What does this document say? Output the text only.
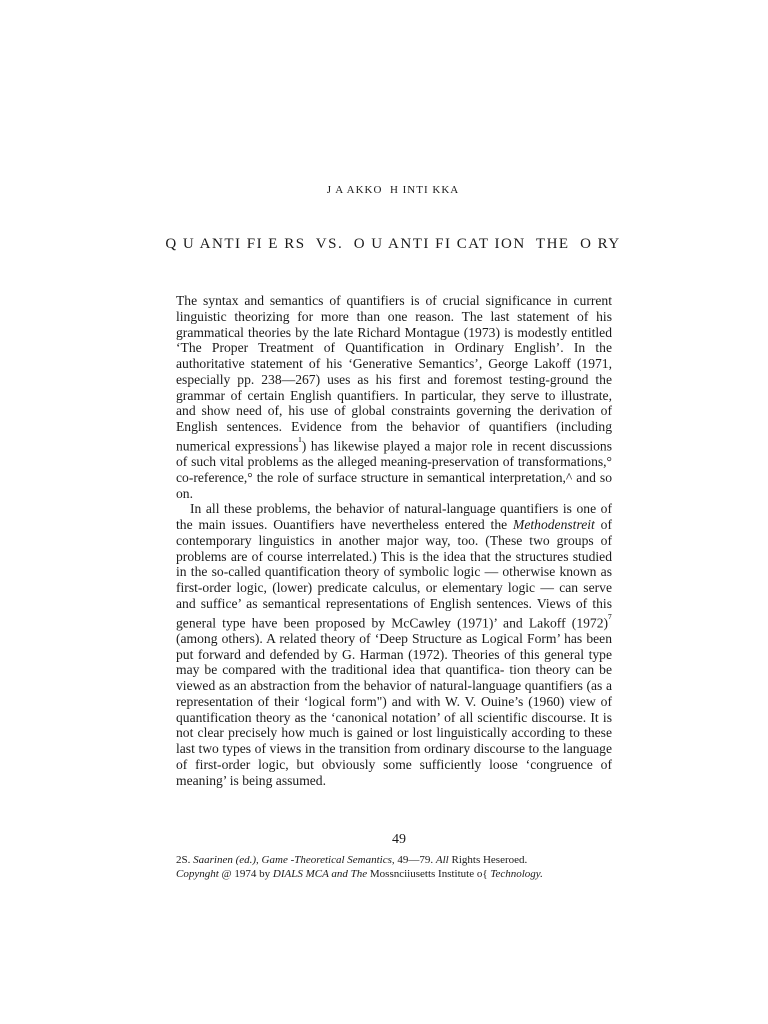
J A AKKO  H INTI KKA
Q U ANTI FI E RS  VS.  O U ANTI FI CAT ION  THE  O RY

The syntax and semantics of quantifiers is of crucial significance in current linguistic theorizing for more than one reason. The last statement of his grammatical theories by the late Richard Montague (1973) is modestly entitled ‘The Proper Treatment of Quantification in Ordinary English’. In the authoritative statement of his ‘Generative Semantics’, George Lakoff (1971, especially pp. 238—267) uses as his first and foremost testing-ground the grammar of certain English quantifiers. In particular, they serve to illustrate, and show need of, his use of global constraints governing the derivation of English sentences. Evidence from the behavior of quantifiers (including numerical expressions$^{^1}$) has likewise played a major role in recent discussions of such vital problems as the alleged meaning-preservation of transformations,° co-reference,° the role of surface structure in semantical interpretation,^ and so on.

In all these problems, the behavior of natural-language quantifiers is one of the main issues. Ouantifiers have nevertheless entered the Methodenstreit of contemporary linguistics in another major way, too. (These two groups of problems are of course interrelated.) This is the idea that the structures studied in the so-called quantification theory of symbolic logic — otherwise known as first-order logic, (lower) predicate calculus, or elementary logic — can serve and suffice’ as semantical representations of English sentences. Views of this general type have been proposed by McCawley (1971)’ and Lakoff $(1972)^{^7}$ (among others). A related theory of ‘Deep Structure as Logical Form’ has been put forward and defended by G. Harman (1972). Theories of this general type may be compared with the traditional idea that quantifica- tion theory can be viewed as an abstraction from the behavior of natural-language quantifiers (as a representation of their ‘logical form") and with W. V. Ouine’s (1960) view of quantification theory as the ‘canonical notation’ of all scientific discourse. It is not clear precisely how much is gained or lost linguistically according to these last two types of views in the transition from ordinary discourse to the language of first-order logic, but obviously some sufficiently loose ‘congruence of meaning’ is being assumed.

49
2S. Saarinen (ed.), Game -Theoretical Semantics, 49—79. All Rights Heseroed.
Copynght @ 1974 by DIALS MCA and The Mossnciiusetts Institute o{ Technology.
